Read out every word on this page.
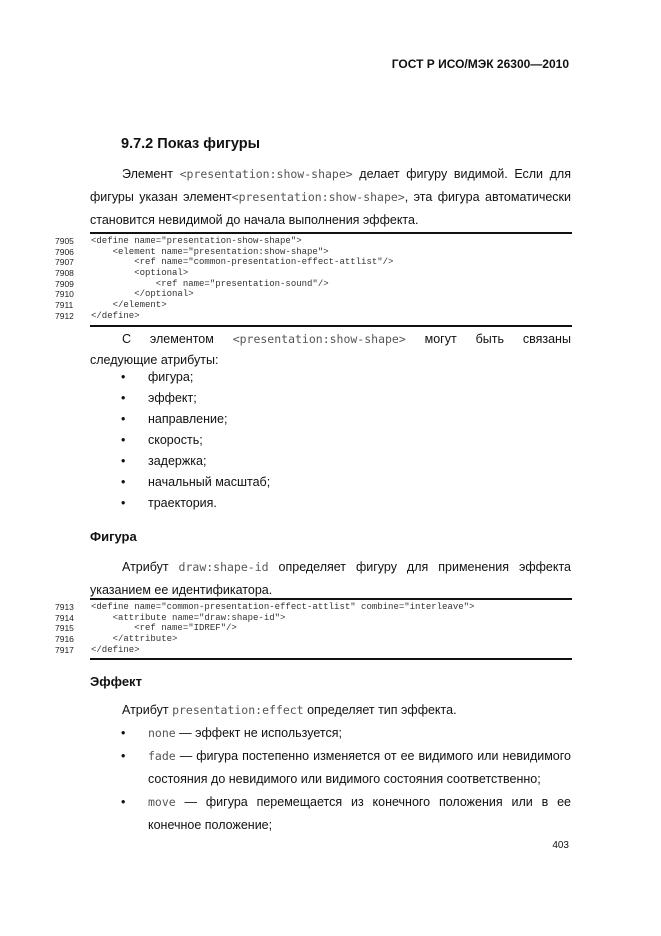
ГОСТ Р ИСО/МЭК 26300—2010
9.7.2 Показ фигуры
Элемент <presentation:show-shape> делает фигуру видимой. Если для фигуры указан элемент<presentation:show-shape>, эта фигура автоматически становится невидимой до начала выполнения эффекта.
7905	<define name="presentation-show-shape">
7906	<element name="presentation:show-shape">
7907	<ref name="common-presentation-effect-attlist"/>
7908	<optional>
7909	<ref name="presentation-sound"/>
7910	</optional>
7911	</element>
7912	</define>
С элементом <presentation:show-shape> могут быть связаны
следующие атрибуты:
• фигура;
• эффект;
• направление;
• скорость;
• задержка;
• начальный масштаб;
• траектория.
Фигура
Атрибут draw:shape-id определяет фигуру для применения эффекта указанием ее идентификатора.
7913	<define name="common-presentation-effect-attlist" combine="interleave">
7914	<attribute name="draw:shape-id">
7915	<ref name="IDREF"/>
7916	</attribute>
7917	</define>
Эффект
Атрибут presentation:effect определяет тип эффекта.
• none — эффект не используется;
• fade — фигура постепенно изменяется от ее видимого или невидимого состояния до невидимого или видимого состояния соответственно;
• move — фигура перемещается из конечного положения или в ее конечное положение;
403
